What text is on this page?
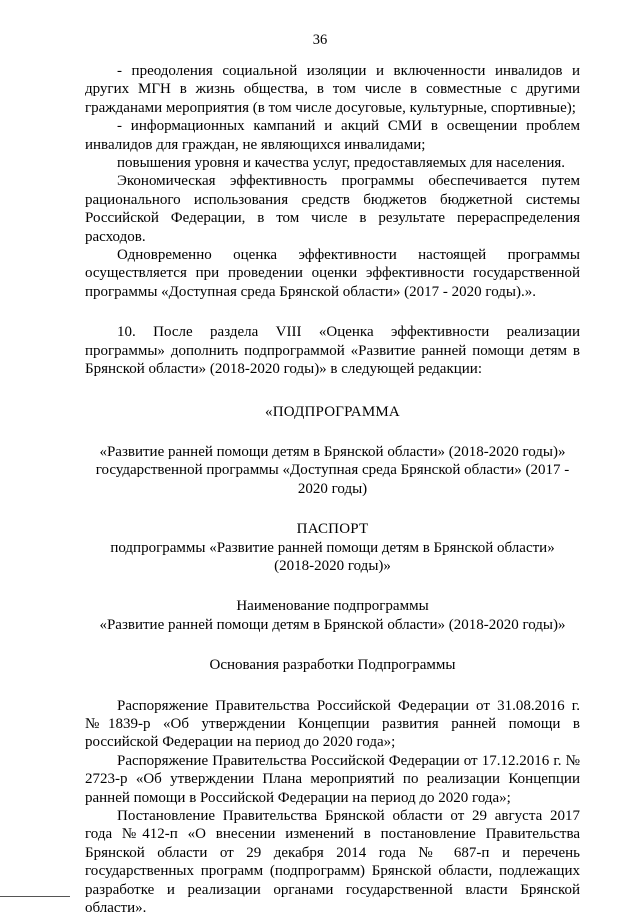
36

- преодоления социальной изоляции и включенности инвалидов и других МГН в жизнь общества, в том числе в совместные с другими гражданами мероприятия (в том числе досуговые, культурные, спортивные);

- информационных кампаний и акций СМИ в освещении проблем инвалидов для граждан, не являющихся инвалидами;

повышения уровня и качества услуг, предоставляемых для населения.

Экономическая эффективность программы обеспечивается путем рационального использования средств бюджетов бюджетной системы Российской Федерации, в том числе в результате перераспределения расходов.

Одновременно оценка эффективности настоящей программы осуществляется при проведении оценки эффективности государственной программы «Доступная среда Брянской области» (2017 - 2020 годы).».

10. После раздела VIII «Оценка эффективности реализации программы» дополнить подпрограммой «Развитие ранней помощи детям в Брянской области» (2018-2020 годы)» в следующей редакции:

«ПОДПРОГРАММА

«Развитие ранней помощи детям в Брянской области» (2018-2020 годы)» государственной программы «Доступная среда Брянской области» (2017 - 2020 годы)

ПАСПОРТ

подпрограммы «Развитие ранней помощи детям в Брянской области» (2018-2020 годы)»

Наименование подпрограммы

«Развитие ранней помощи детям в Брянской области» (2018-2020 годы)»

Основания разработки Подпрограммы

Распоряжение Правительства Российской Федерации от 31.08.2016 г. №1839-р «Об утверждении Концепции развития ранней помощи в российской Федерации на период до 2020 года»;

Распоряжение Правительства Российской Федерации от 17.12.2016 г. № 2723-р «Об утверждении Плана мероприятий по реализации Концепции ранней помощи в Российской Федерации на период до 2020 года»;

Постановление Правительства Брянской области от 29 августа 2017 года №412-п «О внесении изменений в постановление Правительства Брянской области от 29 декабря 2014 года № 687-п и перечень государственных программ (подпрограмм) Брянской области, подлежащих разработке и реализации органами государственной власти Брянской области».
